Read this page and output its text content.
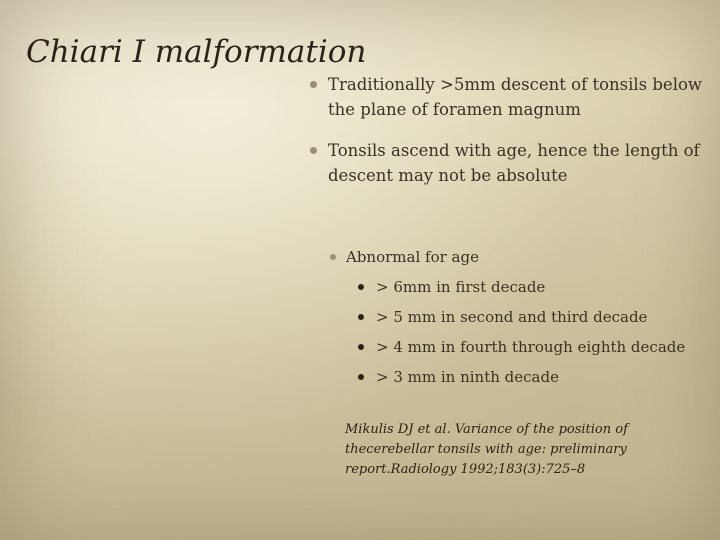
Chiari I malformation
Traditionally >5mm descent of tonsils below the plane of foramen magnum
Tonsils ascend with age, hence the length of descent may not be absolute
Abnormal for age
> 6mm in first decade
> 5 mm in second and third decade
> 4 mm in fourth through eighth decade
> 3 mm in ninth decade
Mikulis DJ et al. Variance of the position of thecerebellar tonsils with age: preliminary report.Radiology 1992;183(3):725–8
